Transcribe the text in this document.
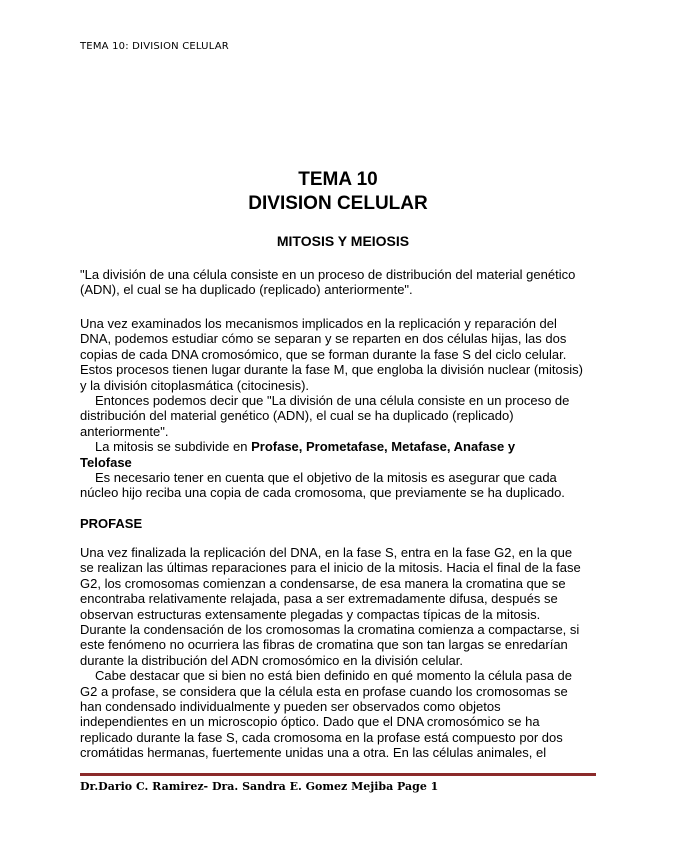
TEMA 10: DIVISION CELULAR
TEMA 10
DIVISION CELULAR
MITOSIS Y MEIOSIS
"La división de una célula consiste en un proceso de distribución del material genético
(ADN), el cual se ha duplicado (replicado) anteriormente".
Una vez examinados los mecanismos implicados en la replicación y reparación del
DNA, podemos estudiar cómo se separan y se reparten en dos células hijas, las dos
copias de cada DNA cromosómico, que se forman durante la fase S del ciclo celular.
Estos procesos tienen lugar durante la fase M, que engloba la división nuclear (mitosis)
y la división citoplasmática (citocinesis).
Entonces podemos decir que "La división de una célula consiste en un proceso de
distribución del material genético (ADN), el cual se ha duplicado (replicado)
anteriormente".
La mitosis se subdivide en Profase, Prometafase, Metafase, Anafase y
Telofase
Es necesario tener en cuenta que el objetivo de la mitosis es asegurar que cada
núcleo hijo reciba una copia de cada cromosoma, que previamente se ha duplicado.
PROFASE
Una vez finalizada la replicación del DNA, en la fase S, entra en la fase G2, en la que
se realizan las últimas reparaciones para el inicio de la mitosis. Hacia el final de la fase
G2, los cromosomas comienzan a condensarse, de esa manera la cromatina que se
encontraba relativamente relajada, pasa a ser extremadamente difusa, después se
observan estructuras extensamente plegadas y compactas típicas de la mitosis.
Durante la condensación de los cromosomas la cromatina comienza a compactarse, si
este fenómeno no ocurriera las fibras de cromatina que son tan largas se enredarían
durante la distribución del ADN cromosómico en la división celular.
Cabe destacar que si bien no está bien definido en qué momento la célula pasa de
G2 a profase, se considera que la célula esta en profase cuando los cromosomas se
han condensado individualmente y pueden ser observados como objetos
independientes en un microscopio óptico. Dado que el DNA cromosómico se ha
replicado durante la fase S, cada cromosoma en la profase está compuesto por dos
cromátidas hermanas, fuertemente unidas una a otra. En las células animales, el
Dr.Dario C. Ramirez- Dra. Sandra E. Gomez Mejiba Page 1
